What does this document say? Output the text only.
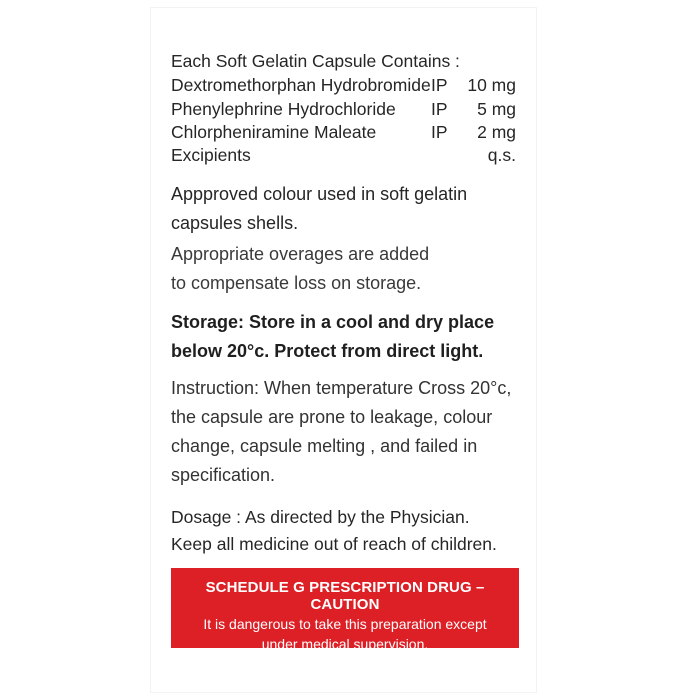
Each Soft Gelatin Capsule Contains :
Dextromethorphan Hydrobromide IP 10 mg
Phenylephrine Hydrochloride IP 5 mg
Chlorpheniramine Maleate	IP 2 mg
Excipients	q.s.
Appproved colour used in soft gelatin
capsules shells.
Appropriate overages are added
to compensate loss on storage.
Storage: Store in a cool and dry place
below 20°c. Protect from direct light.
Instruction: When temperature Cross 20°c,
the capsule are prone to leakage, colour
change, capsule melting , and failed in
specification.
Dosage : As directed by the Physician.
Keep all medicine out of reach of children.
SCHEDULE G PRESCRIPTION DRUG – CAUTION
It is dangerous to take this preparation except
under medical supervision.
